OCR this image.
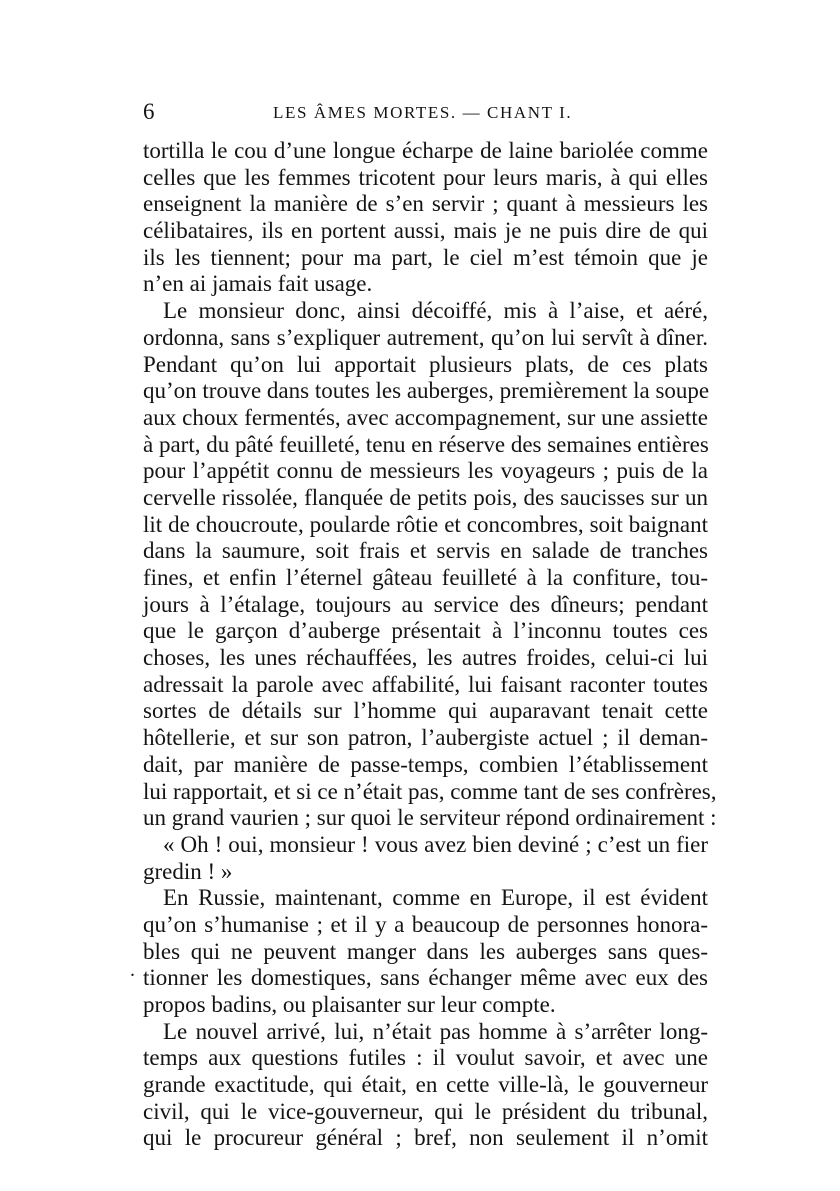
6	LES ÂMES MORTES. — CHANT I.
.
tortilla le cou d’une longue écharpe de laine bariolée comme
celles que les femmes tricotent pour leurs maris, à qui elles
enseignent la manière de s’en servir ; quant à messieurs les
célibataires, ils en portent aussi, mais je ne puis dire de qui
ils les tiennent; pour ma part, le ciel m’est témoin que je
n’en ai jamais fait usage.
Le monsieur donc, ainsi décoiffé, mis à l’aise, et aéré,
ordonna, sans s’expliquer autrement, qu’on lui servît à dîner.
Pendant qu’on lui apportait plusieurs plats, de ces plats
qu’on trouve dans toutes les auberges, premièrement la soupe
aux choux fermentés, avec accompagnement, sur une assiette
à part, du pâté feuilleté, tenu en réserve des semaines entières
pour l’appétit connu de messieurs les voyageurs ; puis de la
cervelle rissolée, flanquée de petits pois, des saucisses sur un
lit de choucroute, poularde rôtie et concombres, soit baignant
dans la saumure, soit frais et servis en salade de tranches
fines, et enfin l’éternel gâteau feuilleté à la confiture, tou-
jours à l’étalage, toujours au service des dîneurs; pendant
que le garçon d’auberge présentait à l’inconnu toutes ces
choses, les unes réchauffées, les autres froides, celui-ci lui
adressait la parole avec affabilité, lui faisant raconter toutes
sortes de détails sur l’homme qui auparavant tenait cette
hôtellerie, et sur son patron, l’aubergiste actuel ; il deman-
dait, par manière de passe-temps, combien l’établissement
lui rapportait, et si ce n’était pas, comme tant de ses confrères,
un grand vaurien ; sur quoi le serviteur répond ordinairement :
« Oh ! oui, monsieur ! vous avez bien deviné ; c’est un fier
gredin ! »
En Russie, maintenant, comme en Europe, il est évident
qu’on s’humanise ; et il y a beaucoup de personnes honora-
bles qui ne peuvent manger dans les auberges sans ques-
tionner les domestiques, sans échanger même avec eux des
propos badins, ou plaisanter sur leur compte.
Le nouvel arrivé, lui, n’était pas homme à s’arrêter long-
temps aux questions futiles : il voulut savoir, et avec une
grande exactitude, qui était, en cette ville-là, le gouverneur
civil, qui le vice-gouverneur, qui le président du tribunal,
qui le procureur général ; bref, non seulement il n’omit
